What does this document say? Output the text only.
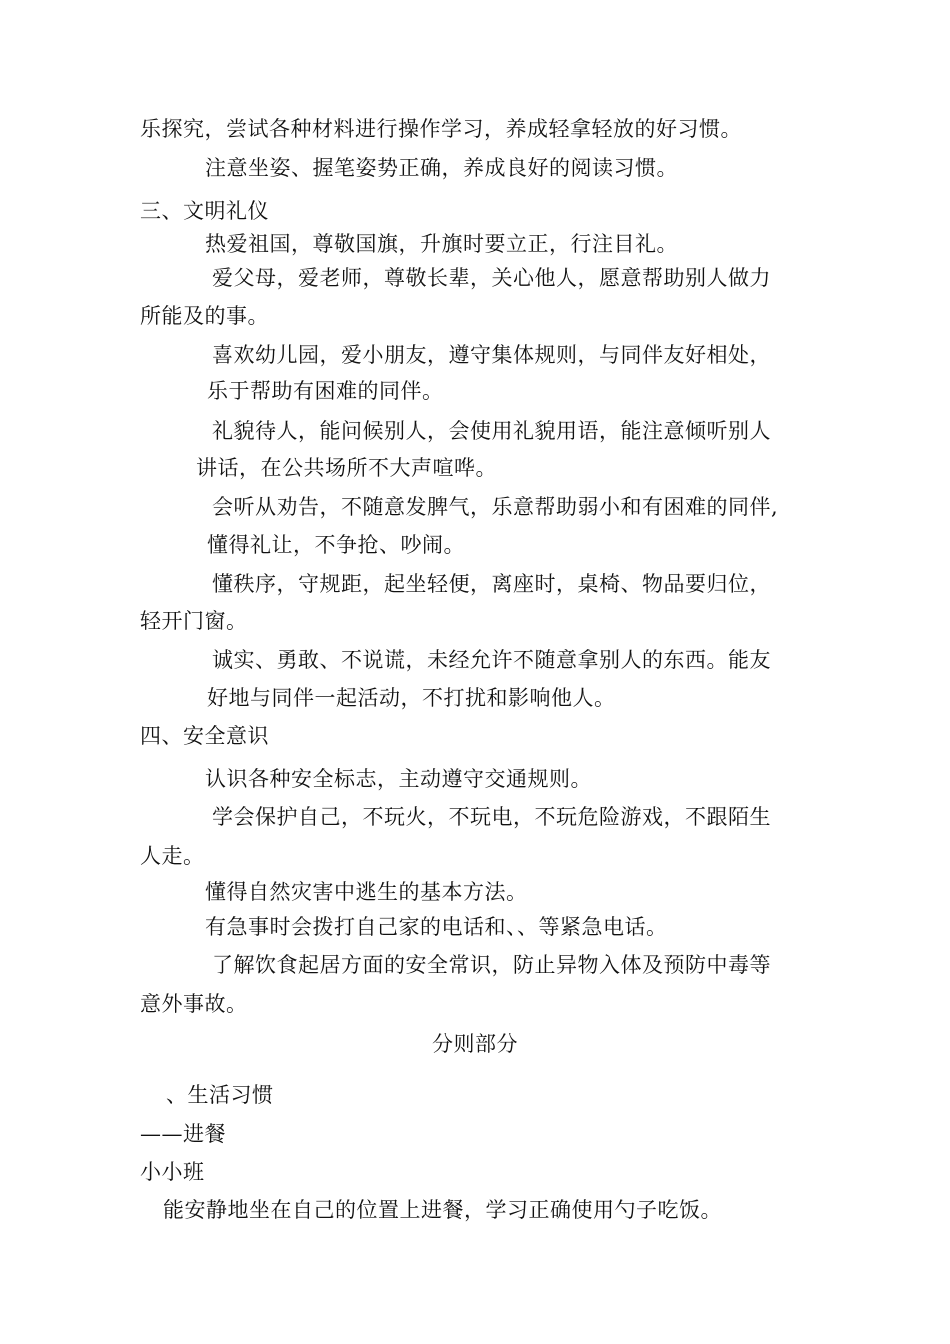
乐探究，尝试各种材料进行操作学习，养成轻拿轻放的好习惯。
注意坐姿、握笔姿势正确，养成良好的阅读习惯。
三、文明礼仪
热爱祖国，尊敬国旗，升旗时要立正，行注目礼。
爱父母，爱老师，尊敬长辈，关心他人，愿意帮助别人做力
所能及的事。
喜欢幼儿园，爱小朋友，遵守集体规则，与同伴友好相处，
乐于帮助有困难的同伴。
礼貌待人，能问候别人，会使用礼貌用语，能注意倾听别人
讲话，在公共场所不大声喧哗。
会听从劝告，不随意发脾气，乐意帮助弱小和有困难的同伴,
懂得礼让，不争抢、吵闹。
懂秩序，守规距，起坐轻便，离座时，桌椅、物品要归位，
轻开门窗。
诚实、勇敢、不说谎，未经允许不随意拿别人的东西。能友
好地与同伴一起活动，不打扰和影响他人。
四、安全意识
认识各种安全标志，主动遵守交通规则。
学会保护自己，不玩火，不玩电，不玩危险游戏，不跟陌生
人走。
懂得自然灾害中逃生的基本方法。
有急事时会拨打自己家的电话和、、等紧急电话。
了解饮食起居方面的安全常识，防止异物入体及预防中毒等
意外事故。
分则部分
、生活习惯
——进餐
小小班
能安静地坐在自己的位置上进餐，学习正确使用勺子吃饭。
